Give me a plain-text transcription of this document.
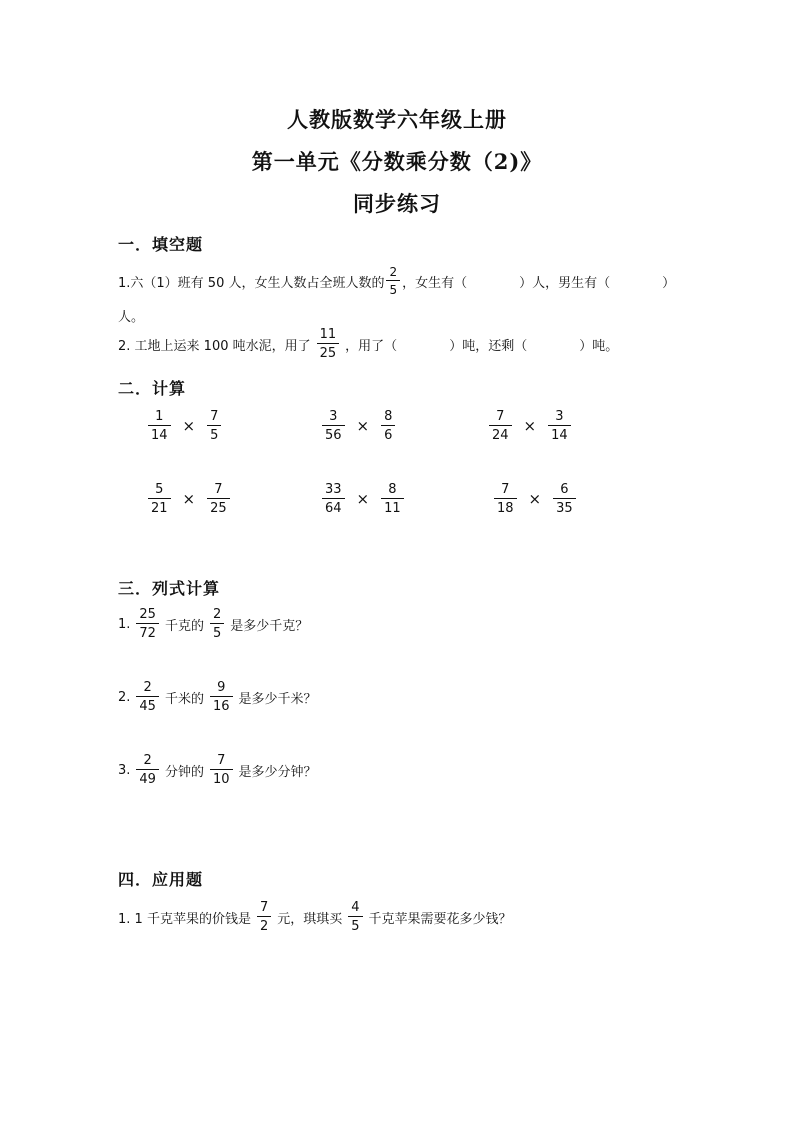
人教版数学六年级上册
第一单元《分数乘分数（2)》
同步练习
一．填空题
1.六（1）班有 50 人，女生人数占全班人数的 $\frac{2}{5}$ ，女生有（	）人，男生有（	）
人。
2. 工地上运来 100 吨水泥，用了 $\frac{11}{25}$ ，用了（	）吨，还剩（	）吨。
二．计算
$\frac{1}{14} \times \frac{7}{5}$	$\frac{3}{56} \times \frac{8}{6}$	$\frac{7}{24} \times \frac{3}{14}$
$\frac{5}{21} \times \frac{7}{25}$	$\frac{33}{64} \times \frac{8}{11}$	$\frac{7}{18} \times \frac{6}{35}$
三．列式计算
1. $\frac{25}{72}$ 千克的 $\frac{2}{5}$ 是多少千克？
2. $\frac{2}{45}$ 千米的 $\frac{9}{16}$ 是多少千米？
3. $\frac{2}{49}$ 分钟的 $\frac{7}{10}$ 是多少分钟？
四．应用题
1. 1 千克苹果的价钱是 $\frac{7}{2}$ 元，琪琪买 $\frac{4}{5}$ 千克苹果需要花多少钱？
